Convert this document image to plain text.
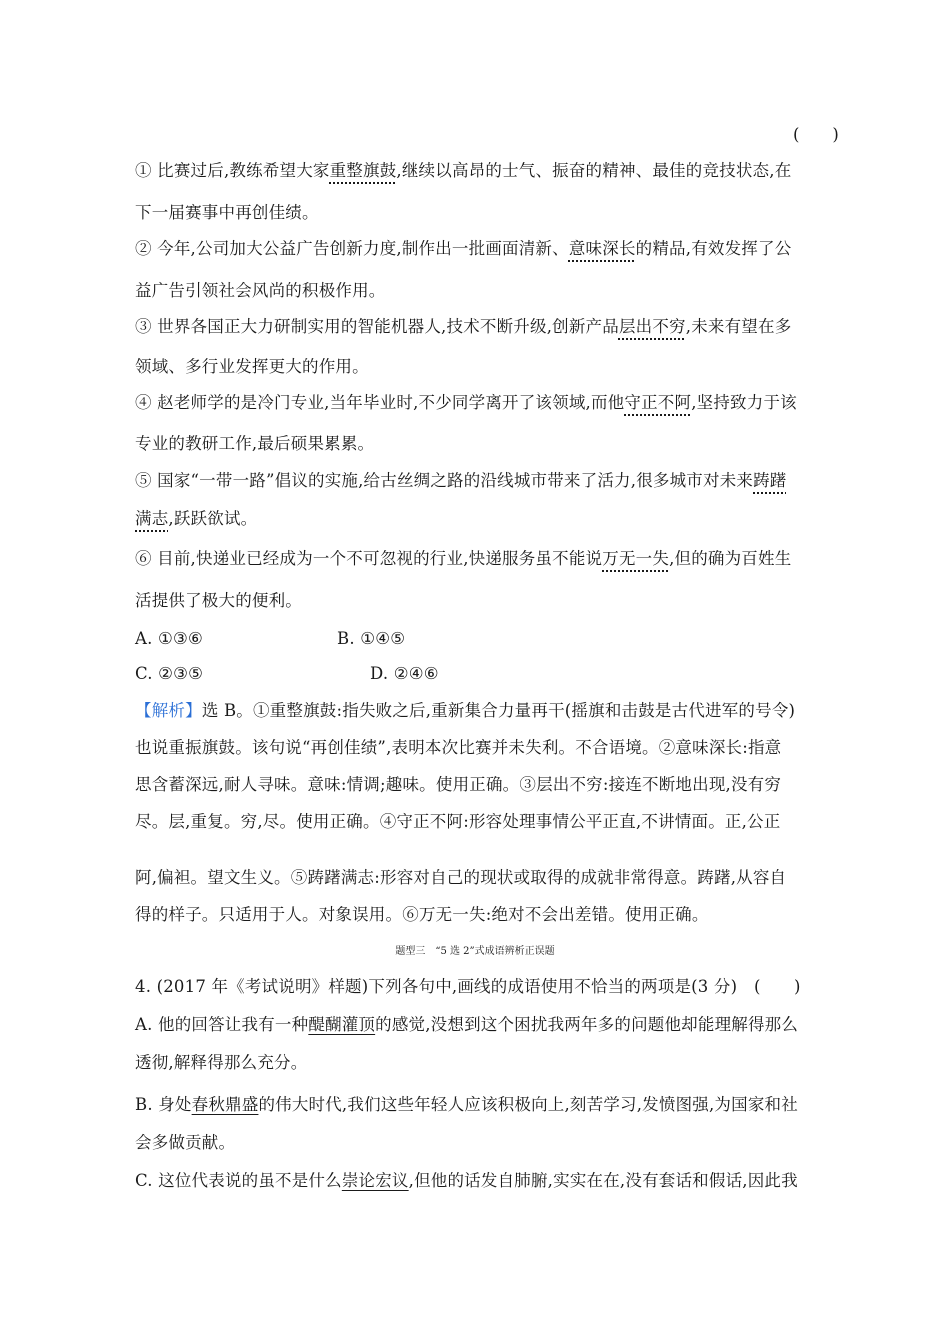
(　　)
① 比赛过后,教练希望大家重整旗鼓,继续以高昂的士气、振奋的精神、最佳的竞技状态,在
下一届赛事中再创佳绩。
② 今年,公司加大公益广告创新力度,制作出一批画面清新、意味深长的精品,有效发挥了公
益广告引领社会风尚的积极作用。
③ 世界各国正大力研制实用的智能机器人,技术不断升级,创新产品层出不穷,未来有望在多
领域、多行业发挥更大的作用。
④ 赵老师学的是冷门专业,当年毕业时,不少同学离开了该领域,而他守正不阿,坚持致力于该
专业的教研工作,最后硕果累累。
⑤ 国家“一带一路”倡议的实施,给古丝绸之路的沿线城市带来了活力,很多城市对未来踌躇
满志,跃跃欲试。
⑥ 目前,快递业已经成为一个不可忽视的行业,快递服务虽不能说万无一失,但的确为百姓生
活提供了极大的便利。
A. ①③⑥	B. ①④⑤
C. ②③⑤	D. ②④⑥
【解析】选 B。①重整旗鼓:指失败之后,重新集合力量再干(摇旗和击鼓是古代进军的号令)
也说重振旗鼓。该句说“再创佳绩”,表明本次比赛并未失利。不合语境。②意味深长:指意
思含蓄深远,耐人寻味。意味:情调;趣味。使用正确。③层出不穷:接连不断地出现,没有穷
尽。层,重复。穷,尽。使用正确。④守正不阿:形容处理事情公平正直,不讲情面。正,公正
阿,偏袒。望文生义。⑤踌躇满志:形容对自己的现状或取得的成就非常得意。踌躇,从容自
得的样子。只适用于人。对象误用。⑥万无一失:绝对不会出差错。使用正确。
题型三　“5 选 2”式成语辨析正误题
4. (2017 年《考试说明》样题)下列各句中,画线的成语使用不恰当的两项是(3 分)　(　　)
A. 他的回答让我有一种醍醐灌顶的感觉,没想到这个困扰我两年多的问题他却能理解得那么
透彻,解释得那么充分。
B. 身处春秋鼎盛的伟大时代,我们这些年轻人应该积极向上,刻苦学习,发愤图强,为国家和社
会多做贡献。
C. 这位代表说的虽不是什么崇论宏议,但他的话发自肺腑,实实在在,没有套话和假话,因此我
